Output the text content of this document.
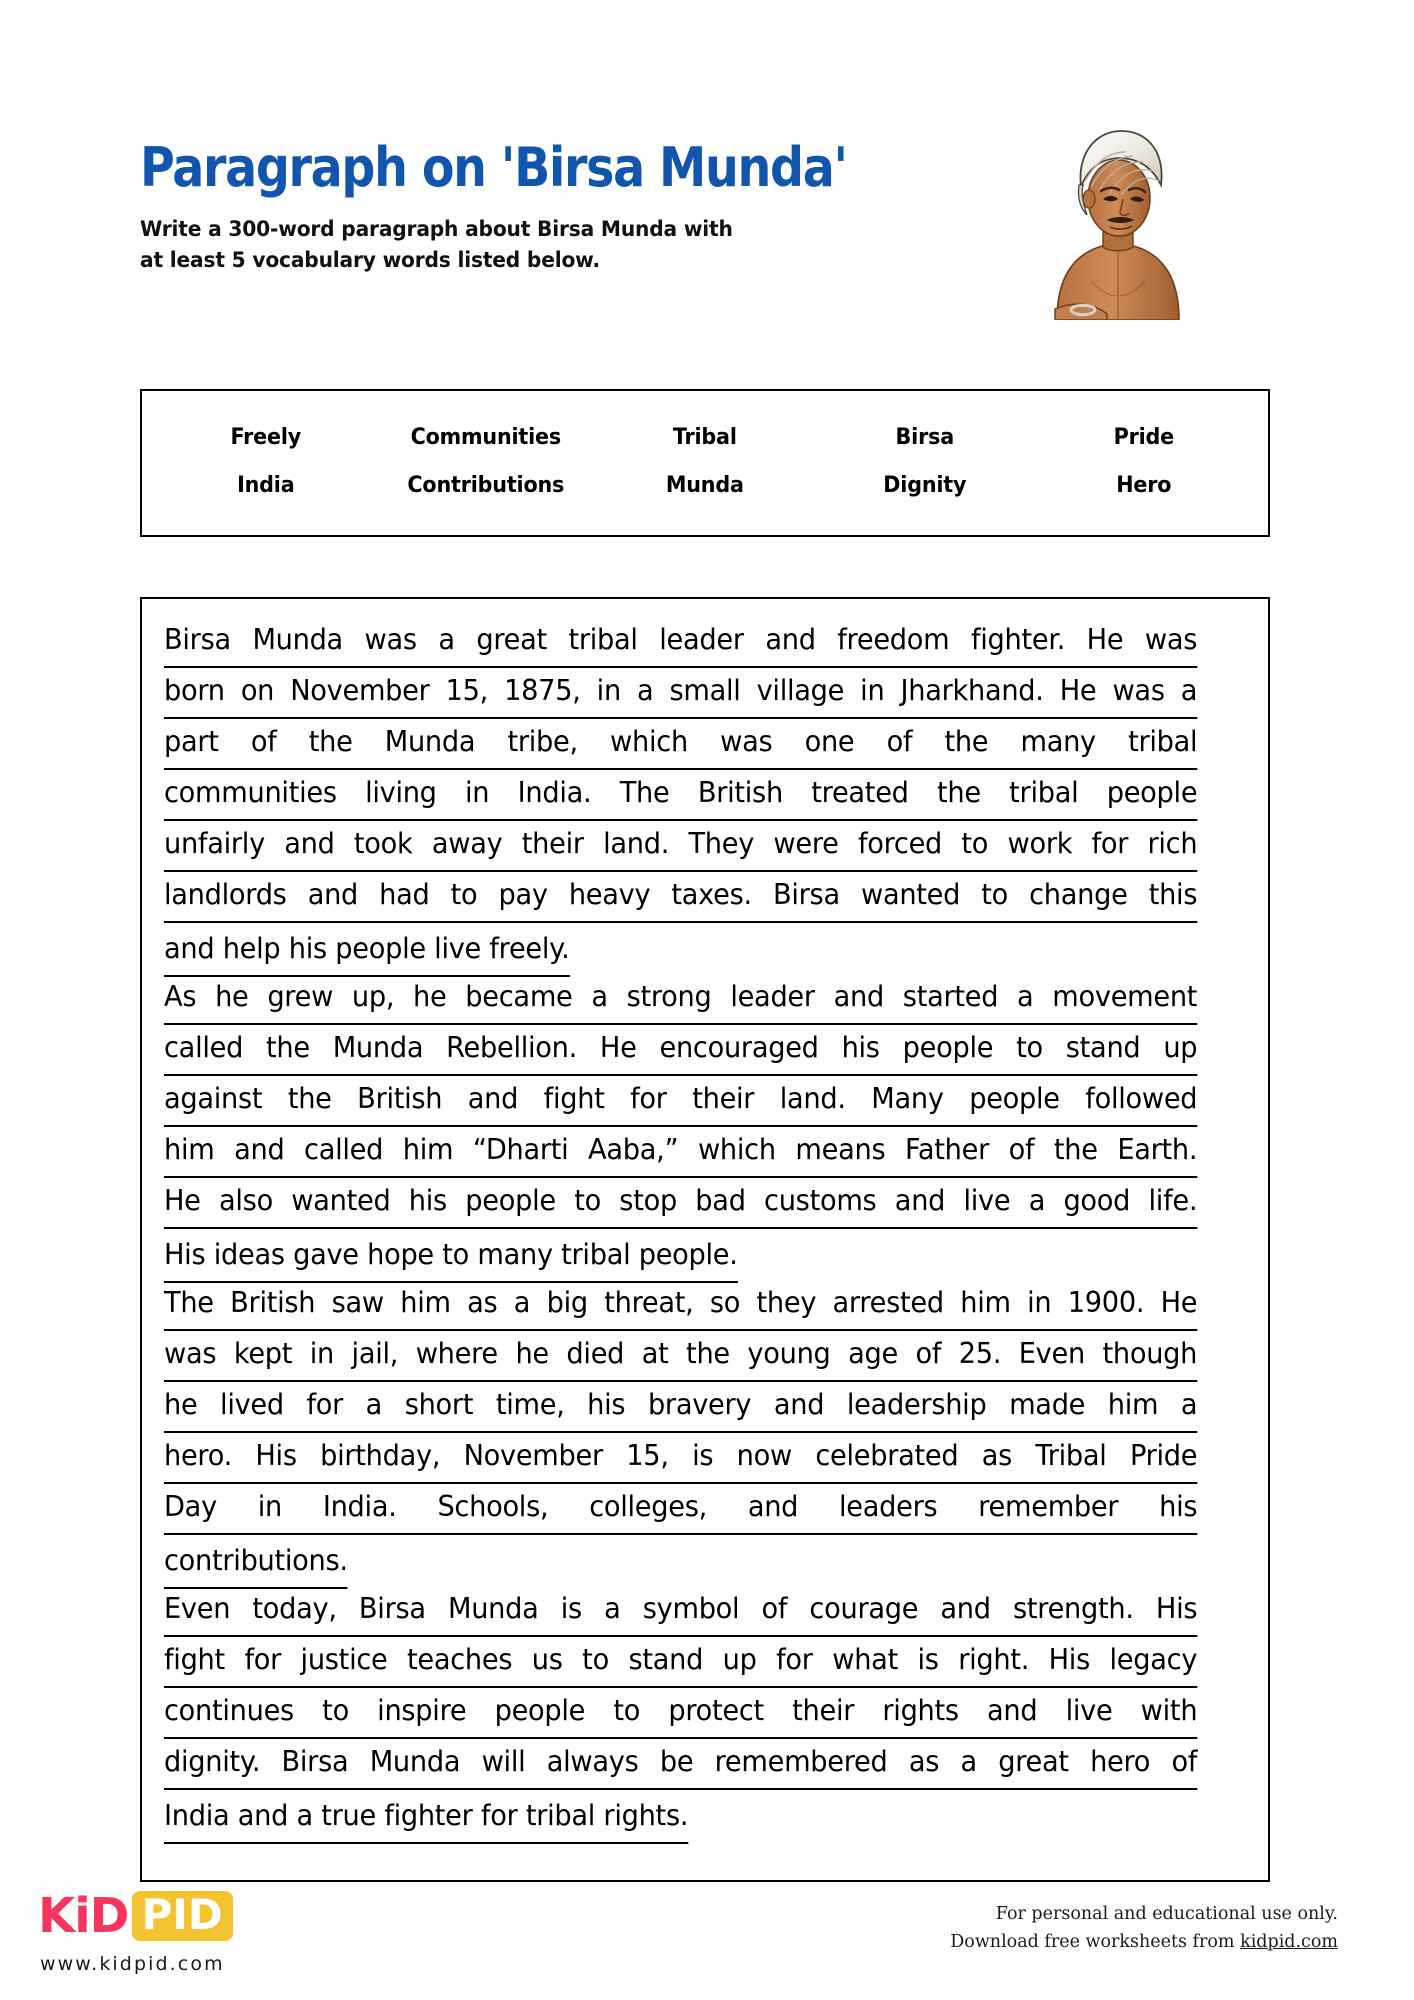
Paragraph on 'Birsa Munda'
Write a 300-word paragraph about Birsa Munda with
at least 5 vocabulary words listed below.
Freely	Communities	Tribal	Birsa	Pride
India	Contributions	Munda	Dignity	Hero
Birsa Munda was a great tribal leader and freedom fighter. He was
born on November 15, 1875, in a small village in Jharkhand. He was a
part of the Munda tribe, which was one of the many tribal
communities living in India. The British treated the tribal people
unfairly and took away their land. They were forced to work for rich
landlords and had to pay heavy taxes. Birsa wanted to change this
and help his people live freely.
As he grew up, he became a strong leader and started a movement
called the Munda Rebellion. He encouraged his people to stand up
against the British and fight for their land. Many people followed
him and called him “Dharti Aaba,” which means Father of the Earth.
He also wanted his people to stop bad customs and live a good life.
His ideas gave hope to many tribal people.
The British saw him as a big threat, so they arrested him in 1900. He
was kept in jail, where he died at the young age of 25. Even though
he lived for a short time, his bravery and leadership made him a
hero. His birthday, November 15, is now celebrated as Tribal Pride
Day in India. Schools, colleges, and leaders remember his
contributions.
Even today, Birsa Munda is a symbol of courage and strength. His
fight for justice teaches us to stand up for what is right. His legacy
continues to inspire people to protect their rights and live with
dignity. Birsa Munda will always be remembered as a great hero of
India and a true fighter for tribal rights.
KiD PID
www.kidpid.com
For personal and educational use only.
Download free worksheets from kidpid.com
